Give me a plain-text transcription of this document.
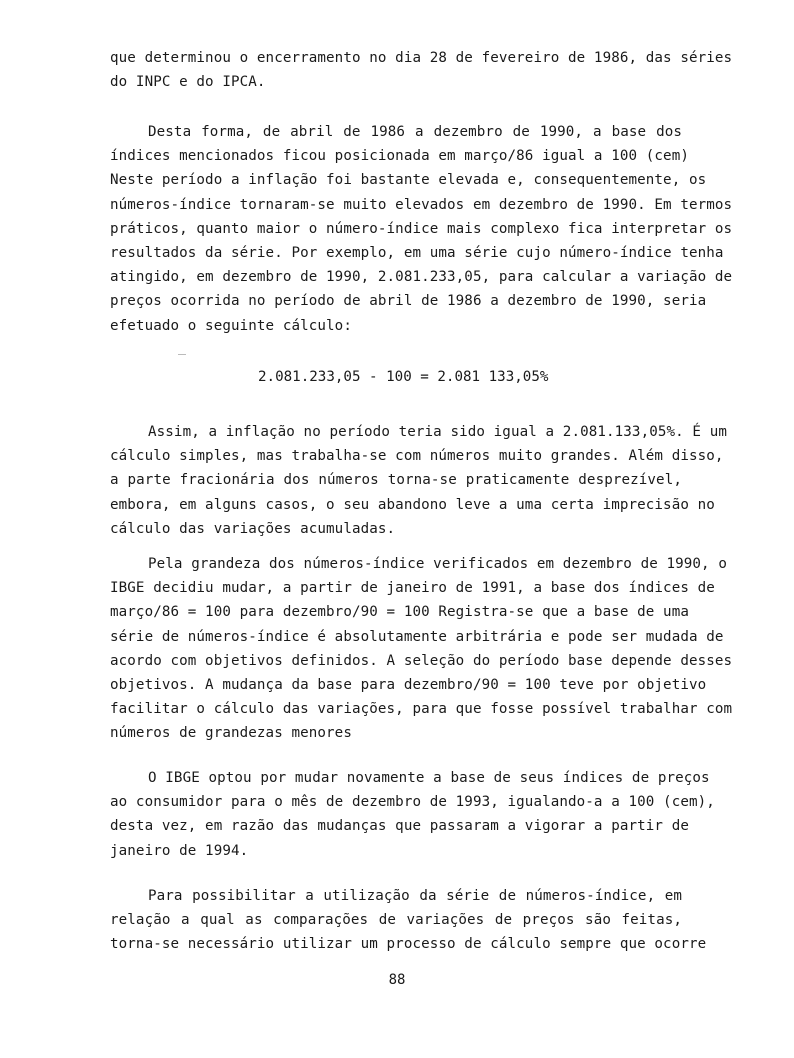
que determinou o encerramento no dia 28 de fevereiro de 1986, das séries
do INPC e do IPCA.
Desta forma, de abril de 1986 a dezembro de 1990, a base dos
índices mencionados ficou posicionada em março/86 igual a 100 (cem)
Neste período a inflação foi bastante elevada e, consequentemente, os
números-índice tornaram-se muito elevados em dezembro de 1990. Em termos
práticos, quanto maior o número-índice mais complexo fica interpretar os
resultados da série. Por exemplo, em uma série cujo número-índice tenha
atingido, em dezembro de 1990, 2.081.233,05, para calcular a variação de
preços ocorrida no período de abril de 1986 a dezembro de 1990, seria
efetuado o seguinte cálculo:
2.081.233,05 - 100 = 2.081 133,05%
Assim, a inflação no período teria sido igual a 2.081.133,05%. É um
cálculo simples, mas trabalha-se com números muito grandes. Além disso,
a parte fracionária dos números torna-se praticamente desprezível,
embora, em alguns casos, o seu abandono leve a uma certa imprecisão no
cálculo das variações acumuladas.
Pela grandeza dos números-índice verificados em dezembro de 1990, o
IBGE decidiu mudar, a partir de janeiro de 1991, a base dos índices de
março/86 = 100 para dezembro/90 = 100 Registra-se que a base de uma
série de números-índice é absolutamente arbitrária e pode ser mudada de
acordo com objetivos definidos. A seleção do período base depende desses
objetivos. A mudança da base para dezembro/90 = 100 teve por objetivo
facilitar o cálculo das variações, para que fosse possível trabalhar com
números de grandezas menores
O IBGE optou por mudar novamente a base de seus índices de preços
ao consumidor para o mês de dezembro de 1993, igualando-a a 100 (cem),
desta vez, em razão das mudanças que passaram a vigorar a partir de
janeiro de 1994.
Para possibilitar a utilização da série de números-índice, em
relação a qual as comparações de variações de preços são feitas,
torna-se necessário utilizar um processo de cálculo sempre que ocorre
88
